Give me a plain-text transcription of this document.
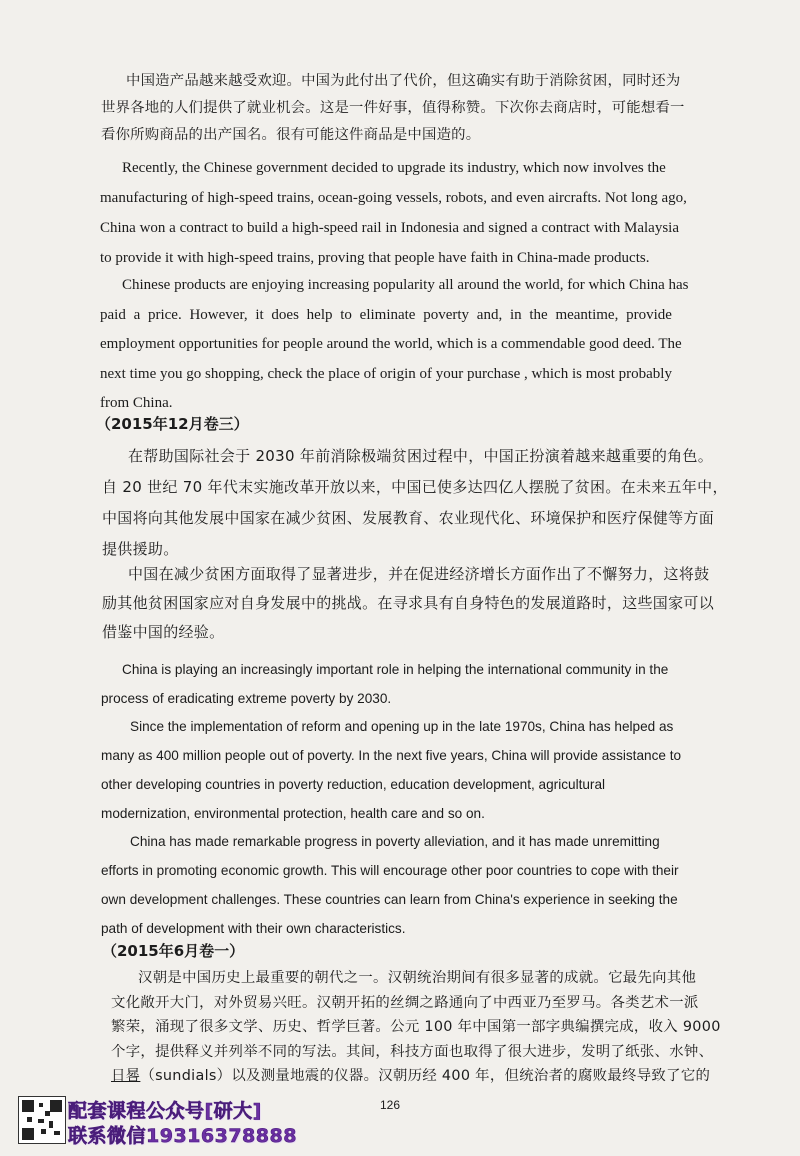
中国造产品越来越受欢迎。中国为此付出了代价，但这确实有助于消除贫困，同时还为
世界各地的人们提供了就业机会。这是一件好事，值得称赞。下次你去商店时，可能想看一
看你所购商品的出产国名。很有可能这件商品是中国造的。
Recently, the Chinese government decided to upgrade its industry, which now involves the
manufacturing of high-speed trains, ocean-going vessels, robots, and even aircrafts. Not long ago,
China won a contract to build a high-speed rail in Indonesia and signed a contract with Malaysia
to provide it with high-speed trains, proving that people have faith in China-made products.
Chinese products are enjoying increasing popularity all around the world, for which China has
paid a price. However, it does help to eliminate poverty and, in the meantime, provide
employment opportunities for people around the world, which is a commendable good deed. The
next time you go shopping, check the place of origin of your purchase , which is most probably
from China.
（2015年12月卷三）
在帮助国际社会于 2030 年前消除极端贫困过程中，中国正扮演着越来越重要的角色。
自 20 世纪 70 年代末实施改革开放以来，中国已使多达四亿人摆脱了贫困。在未来五年中，
中国将向其他发展中国家在减少贫困、发展教育、农业现代化、环境保护和医疗保健等方面
提供援助。
中国在减少贫困方面取得了显著进步，并在促进经济增长方面作出了不懈努力，这将鼓
励其他贫困国家应对自身发展中的挑战。在寻求具有自身特色的发展道路时，这些国家可以
借鉴中国的经验。
China is playing an increasingly important role in helping the international community in the
process of eradicating extreme poverty by 2030.
Since the implementation of reform and opening up in the late 1970s, China has helped as
many as 400 million people out of poverty. In the next five years, China will provide assistance to
other developing countries in poverty reduction, education development, agricultural
modernization, environmental protection, health care and so on.
China has made remarkable progress in poverty alleviation, and it has made unremitting
efforts in promoting economic growth. This will encourage other poor countries to cope with their
own development challenges. These countries can learn from China's experience in seeking the
path of development with their own characteristics.
（2015年6月卷一）
汉朝是中国历史上最重要的朝代之一。汉朝统治期间有很多显著的成就。它最先向其他
文化敞开大门，对外贸易兴旺。汉朝开拓的丝绸之路通向了中西亚乃至罗马。各类艺术一派
繁荣，涌现了很多文学、历史、哲学巨著。公元 100 年中国第一部字典编撰完成，收入 9000
个字，提供释义并列举不同的写法。其间，科技方面也取得了很大进步，发明了纸张、水钟、
日晷（sundials）以及测量地震的仪器。汉朝历经 400 年，但统治者的腐败最终导致了它的
配套课程公众号[研大]
联系微信19316378888
126
